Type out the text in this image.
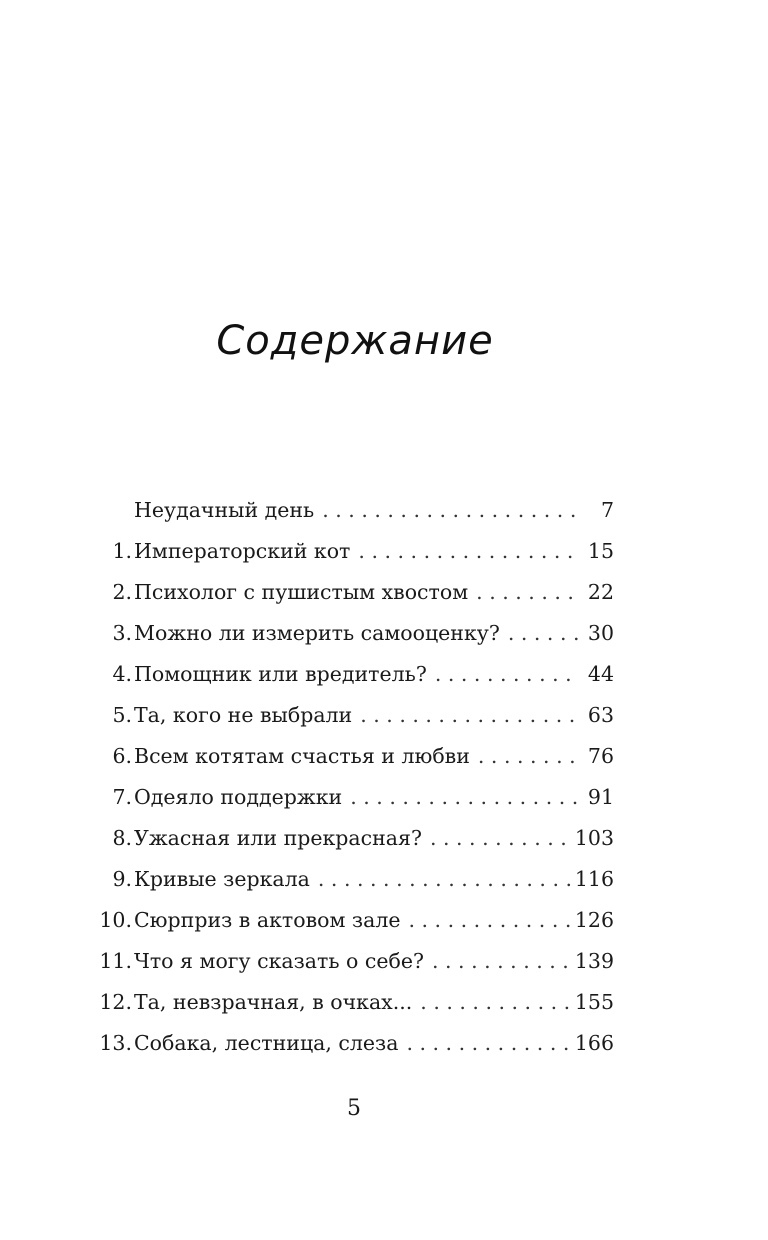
Содержание
Неудачный день . . .	7
1. Императорский кот . . .	15
2. Психолог с пушистым хвостом . . .	22
3. Можно ли измерить самооценку? . . .	30
4. Помощник или вредитель? . . .	44
5. Та, кого не выбрали . . .	63
6. Всем котятам счастья и любви . . .	76
7. Одеяло поддержки . . .	91
8. Ужасная или прекрасная? . . .	103
9. Кривые зеркала . . .	116
10. Сюрприз в актовом зале . . .	126
11. Что я могу сказать о себе? . . .	139
12. Та, невзрачная, в очках... . . .	155
13. Собака, лестница, слеза . . .	166
5
